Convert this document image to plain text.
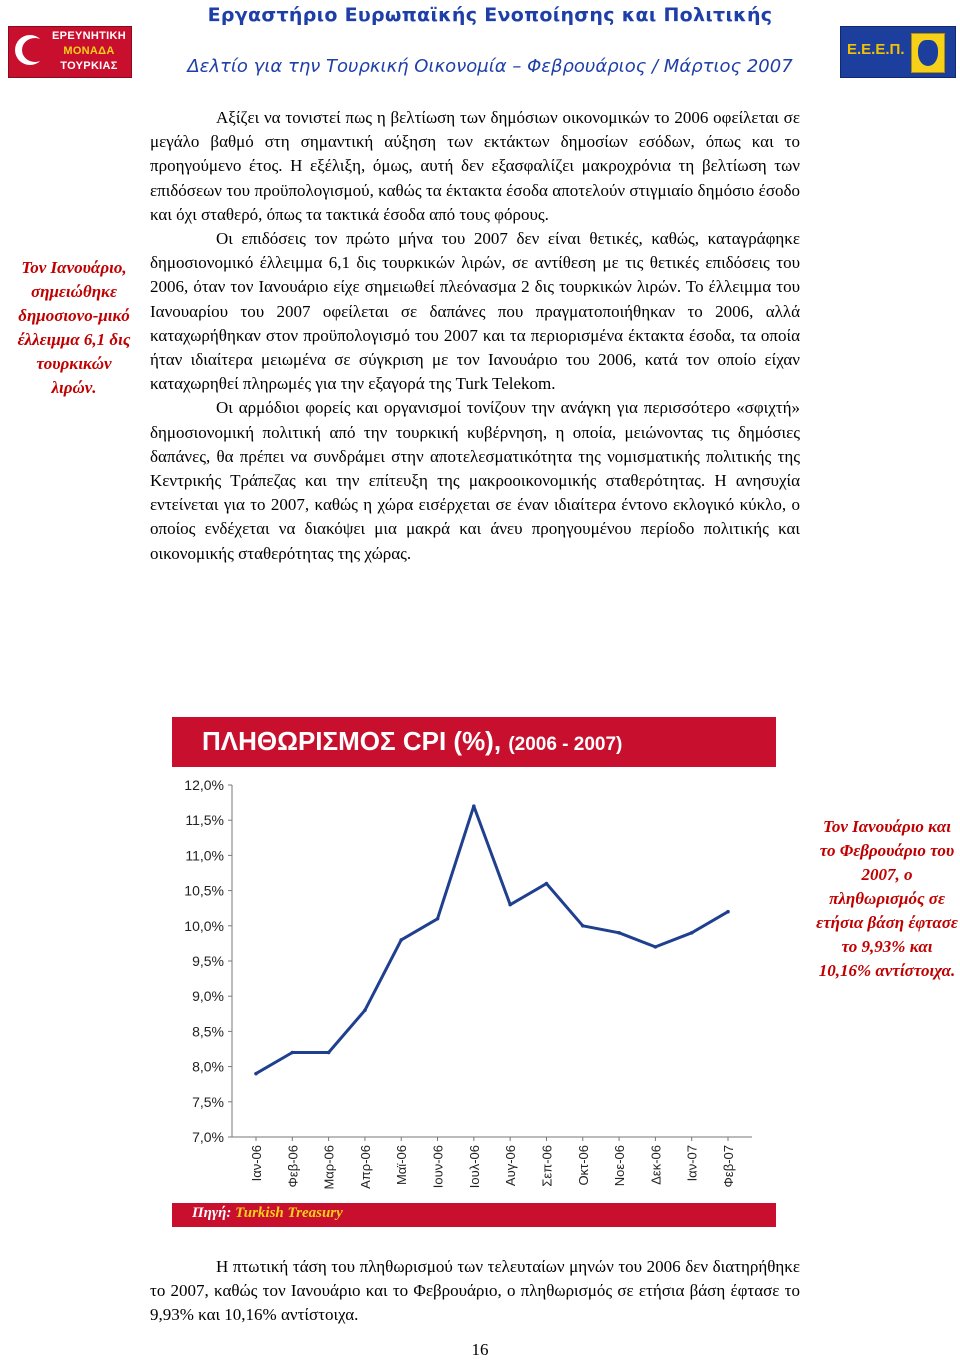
ΕΡΕΥΝΗΤΙΚΗ
ΜΟΝΑΔΑ
ΤΟΥΡΚΙΑΣ
Εργαστήριο Ευρωπαϊκής Ενοποίησης και Πολιτικής
Δελτίο για την Τουρκική Οικονομία – Φεβρουάριος / Μάρτιος 2007
Ε.Ε.Ε.Π.

Αξίζει να τονιστεί πως η βελτίωση των δημόσιων οικονομικών το 2006 οφείλεται σε μεγάλο βαθμό στη σημαντική αύξηση των εκτάκτων δημοσίων εσόδων, όπως και το προηγούμενο έτος. Η εξέλιξη, όμως, αυτή δεν εξασφαλίζει μακροχρόνια τη βελτίωση των επιδόσεων του προϋπολογισμού, καθώς τα έκτακτα έσοδα αποτελούν στιγμιαίο δημόσιο έσοδο και όχι σταθερό, όπως τα τακτικά έσοδα από τους φόρους.

Οι επιδόσεις τον πρώτο μήνα του 2007 δεν είναι θετικές, καθώς, καταγράφηκε δημοσιονομικό έλλειμμα 6,1 δις τουρκικών λιρών, σε αντίθεση με τις θετικές επιδόσεις του 2006, όταν τον Ιανουάριο είχε σημειωθεί πλεόνασμα 2 δις τουρκικών λιρών. Το έλλειμμα του Ιανουαρίου του 2007 οφείλεται σε δαπάνες που πραγματοποιήθηκαν το 2006, αλλά καταχωρήθηκαν στον προϋπολογισμό του 2007 και τα περιορισμένα έκτακτα έσοδα, τα οποία ήταν ιδιαίτερα μειωμένα σε σύγκριση με τον Ιανουάριο του 2006, κατά τον οποίο είχαν καταχωρηθεί πληρωμές για την εξαγορά της Turk Telekom.

Οι αρμόδιοι φορείς και οργανισμοί τονίζουν την ανάγκη για περισσότερο «σφιχτή» δημοσιονομική πολιτική από την τουρκική κυβέρνηση, η οποία, μειώνοντας τις δημόσιες δαπάνες, θα πρέπει να συνδράμει στην αποτελεσματικότητα της νομισματικής πολιτικής της Κεντρικής Τράπεζας και την επίτευξη της μακροοικονομικής σταθερότητας. Η ανησυχία εντείνεται για το 2007, καθώς η χώρα εισέρχεται σε έναν ιδιαίτερα έντονο εκλογικό κύκλο, ο οποίος ενδέχεται να διακόψει μια μακρά και άνευ προηγουμένου περίοδο πολιτικής και οικονομικής σταθερότητας της χώρας.

Τον Ιανουάριο, σημειώθηκε δημοσιονο-μικό έλλειμμα 6,1 δις τουρκικών λιρών.
ΠΛΗΘΩΡΙΣΜΟΣ CPI (%), (2006 - 2007)
7,0%
7,5%
8,0%
8,5%
9,0%
9,5%
10,0%
10,5%
11,0%
11,5%
12,0%
Ιαν-06 Φεβ-06 Μαρ-06 Απρ-06 Μαϊ-06 Ιουν-06 Ιουλ-06 Αυγ-06 Σεπ-06 Οκτ-06 Νοε-06 Δεκ-06 Ιαν-07 Φεβ-07
Πηγή: Turkish Treasury
Τον Ιανουάριο και το Φεβρουάριο του 2007, ο πληθωρισμός σε ετήσια βάση έφτασε το 9,93% και 10,16% αντίστοιχα.

Η πτωτική τάση του πληθωρισμού των τελευταίων μηνών του 2006 δεν διατηρήθηκε το 2007, καθώς τον Ιανουάριο και το Φεβρουάριο, ο πληθωρισμός σε ετήσια βάση έφτασε το 9,93% και 10,16% αντίστοιχα.

16
